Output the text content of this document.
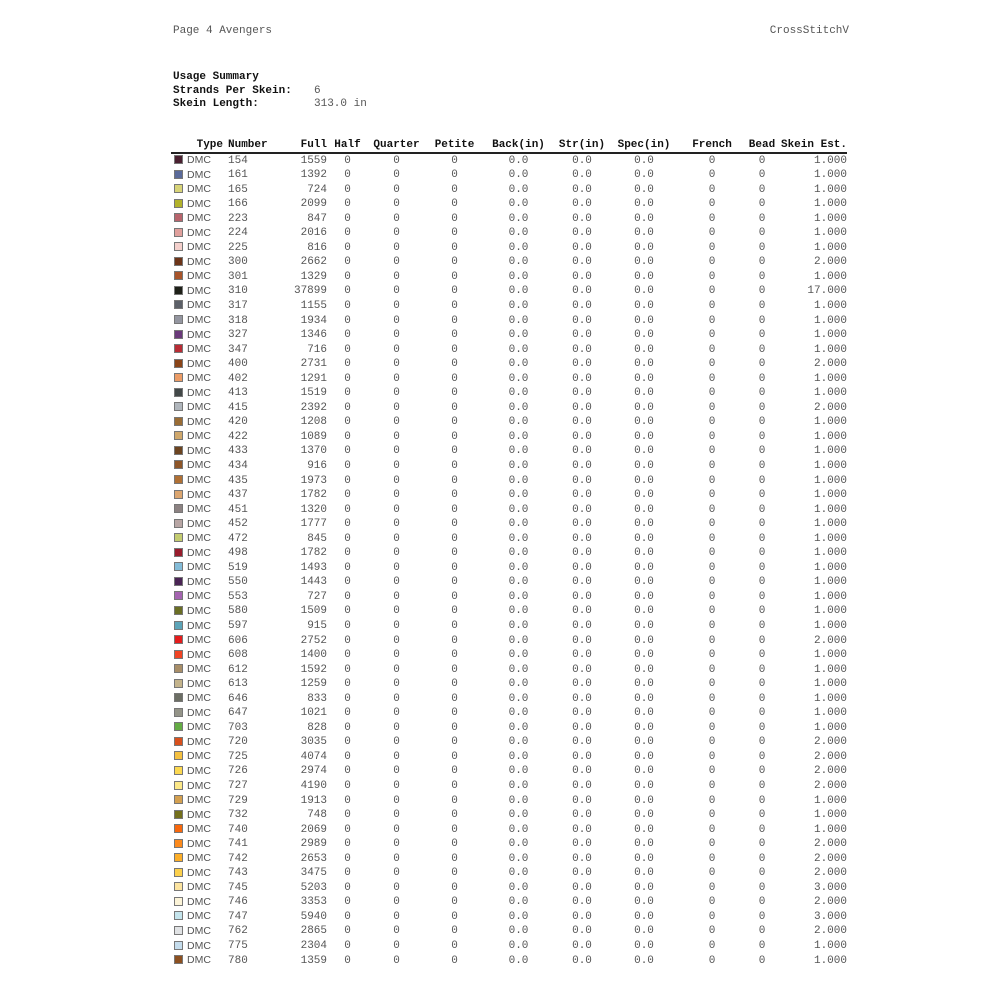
Page 4 Avengers	CrossStitchV
Usage Summary
Strands Per Skein: 6
Skein Length:	313.0 in
Type	Number	Full	Half	Quarter	Petite	Back(in)	Str(in)	Spec(in)	French	Bead	Skein Est.
DMC	154	1559	0	0	0	0.0	0.0	0.0	0	0	1.000
DMC	161	1392	0	0	0	0.0	0.0	0.0	0	0	1.000
DMC	165	724	0	0	0	0.0	0.0	0.0	0	0	1.000
DMC	166	2099	0	0	0	0.0	0.0	0.0	0	0	1.000
DMC	223	847	0	0	0	0.0	0.0	0.0	0	0	1.000
DMC	224	2016	0	0	0	0.0	0.0	0.0	0	0	1.000
DMC	225	816	0	0	0	0.0	0.0	0.0	0	0	1.000
DMC	300	2662	0	0	0	0.0	0.0	0.0	0	0	2.000
DMC	301	1329	0	0	0	0.0	0.0	0.0	0	0	1.000
DMC	310	37899	0	0	0	0.0	0.0	0.0	0	0	17.000
DMC	317	1155	0	0	0	0.0	0.0	0.0	0	0	1.000
DMC	318	1934	0	0	0	0.0	0.0	0.0	0	0	1.000
DMC	327	1346	0	0	0	0.0	0.0	0.0	0	0	1.000
DMC	347	716	0	0	0	0.0	0.0	0.0	0	0	1.000
DMC	400	2731	0	0	0	0.0	0.0	0.0	0	0	2.000
DMC	402	1291	0	0	0	0.0	0.0	0.0	0	0	1.000
DMC	413	1519	0	0	0	0.0	0.0	0.0	0	0	1.000
DMC	415	2392	0	0	0	0.0	0.0	0.0	0	0	2.000
DMC	420	1208	0	0	0	0.0	0.0	0.0	0	0	1.000
DMC	422	1089	0	0	0	0.0	0.0	0.0	0	0	1.000
DMC	433	1370	0	0	0	0.0	0.0	0.0	0	0	1.000
DMC	434	916	0	0	0	0.0	0.0	0.0	0	0	1.000
DMC	435	1973	0	0	0	0.0	0.0	0.0	0	0	1.000
DMC	437	1782	0	0	0	0.0	0.0	0.0	0	0	1.000
DMC	451	1320	0	0	0	0.0	0.0	0.0	0	0	1.000
DMC	452	1777	0	0	0	0.0	0.0	0.0	0	0	1.000
DMC	472	845	0	0	0	0.0	0.0	0.0	0	0	1.000
DMC	498	1782	0	0	0	0.0	0.0	0.0	0	0	1.000
DMC	519	1493	0	0	0	0.0	0.0	0.0	0	0	1.000
DMC	550	1443	0	0	0	0.0	0.0	0.0	0	0	1.000
DMC	553	727	0	0	0	0.0	0.0	0.0	0	0	1.000
DMC	580	1509	0	0	0	0.0	0.0	0.0	0	0	1.000
DMC	597	915	0	0	0	0.0	0.0	0.0	0	0	1.000
DMC	606	2752	0	0	0	0.0	0.0	0.0	0	0	2.000
DMC	608	1400	0	0	0	0.0	0.0	0.0	0	0	1.000
DMC	612	1592	0	0	0	0.0	0.0	0.0	0	0	1.000
DMC	613	1259	0	0	0	0.0	0.0	0.0	0	0	1.000
DMC	646	833	0	0	0	0.0	0.0	0.0	0	0	1.000
DMC	647	1021	0	0	0	0.0	0.0	0.0	0	0	1.000
DMC	703	828	0	0	0	0.0	0.0	0.0	0	0	1.000
DMC	720	3035	0	0	0	0.0	0.0	0.0	0	0	2.000
DMC	725	4074	0	0	0	0.0	0.0	0.0	0	0	2.000
DMC	726	2974	0	0	0	0.0	0.0	0.0	0	0	2.000
DMC	727	4190	0	0	0	0.0	0.0	0.0	0	0	2.000
DMC	729	1913	0	0	0	0.0	0.0	0.0	0	0	1.000
DMC	732	748	0	0	0	0.0	0.0	0.0	0	0	1.000
DMC	740	2069	0	0	0	0.0	0.0	0.0	0	0	1.000
DMC	741	2989	0	0	0	0.0	0.0	0.0	0	0	2.000
DMC	742	2653	0	0	0	0.0	0.0	0.0	0	0	2.000
DMC	743	3475	0	0	0	0.0	0.0	0.0	0	0	2.000
DMC	745	5203	0	0	0	0.0	0.0	0.0	0	0	3.000
DMC	746	3353	0	0	0	0.0	0.0	0.0	0	0	2.000
DMC	747	5940	0	0	0	0.0	0.0	0.0	0	0	3.000
DMC	762	2865	0	0	0	0.0	0.0	0.0	0	0	2.000
DMC	775	2304	0	0	0	0.0	0.0	0.0	0	0	1.000
DMC	780	1359	0	0	0	0.0	0.0	0.0	0	0	1.000
